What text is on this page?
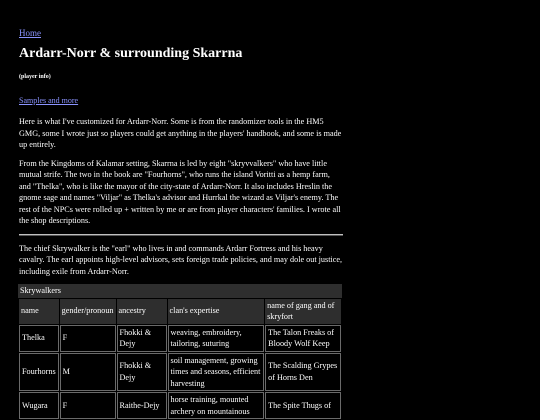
Home
Ardarr-Norr & surrounding Skarrna
(player info)
Samples and more

Here is what I've customized for Ardarr-Norr. Some is from the randomizer tools in the HM5 GMG, some I wrote just so players could get anything in the players' handbook, and some is made up entirely.

From the Kingdoms of Kalamar setting, Skarrna is led by eight "skryvvalkers" who have little mutual strife. The two in the book are "Fourhorns", who runs the island Voritti as a hemp farm, and "Thelka", who is like the mayor of the city-state of Ardarr-Norr. It also includes Hreslin the gnome sage and names "Viljar" as Thelka's advisor and Hurrkal the wizard as Viljar's enemy. The rest of the NPCs were rolled up + written by me or are from player characters' families. I wrote all the shop descriptions.

The chief Skrywalker is the "earl" who lives in and commands Ardarr Fortress and his heavy cavalry. The earl appoints high-level advisors, sets foreign trade policies, and may dole out justice, including exile from Ardarr-Norr.

Skrywalkers
name	gender/pronoun	ancestry	clan's expertise	name of gang and of skryfort
Thelka	F	Fhokki & Dejy	weaving, embroidery, tailoring, suturing	The Talon Freaks of Bloody Wolf Keep
Fourhorns	M	Fhokki & Dejy	soil management, growing times and seasons, efficient harvesting	The Scalding Grypes of Horns Den
Wugara	F	Raithe-Dejy	horse training, mounted archery on mountainous	The Spite Thugs of
